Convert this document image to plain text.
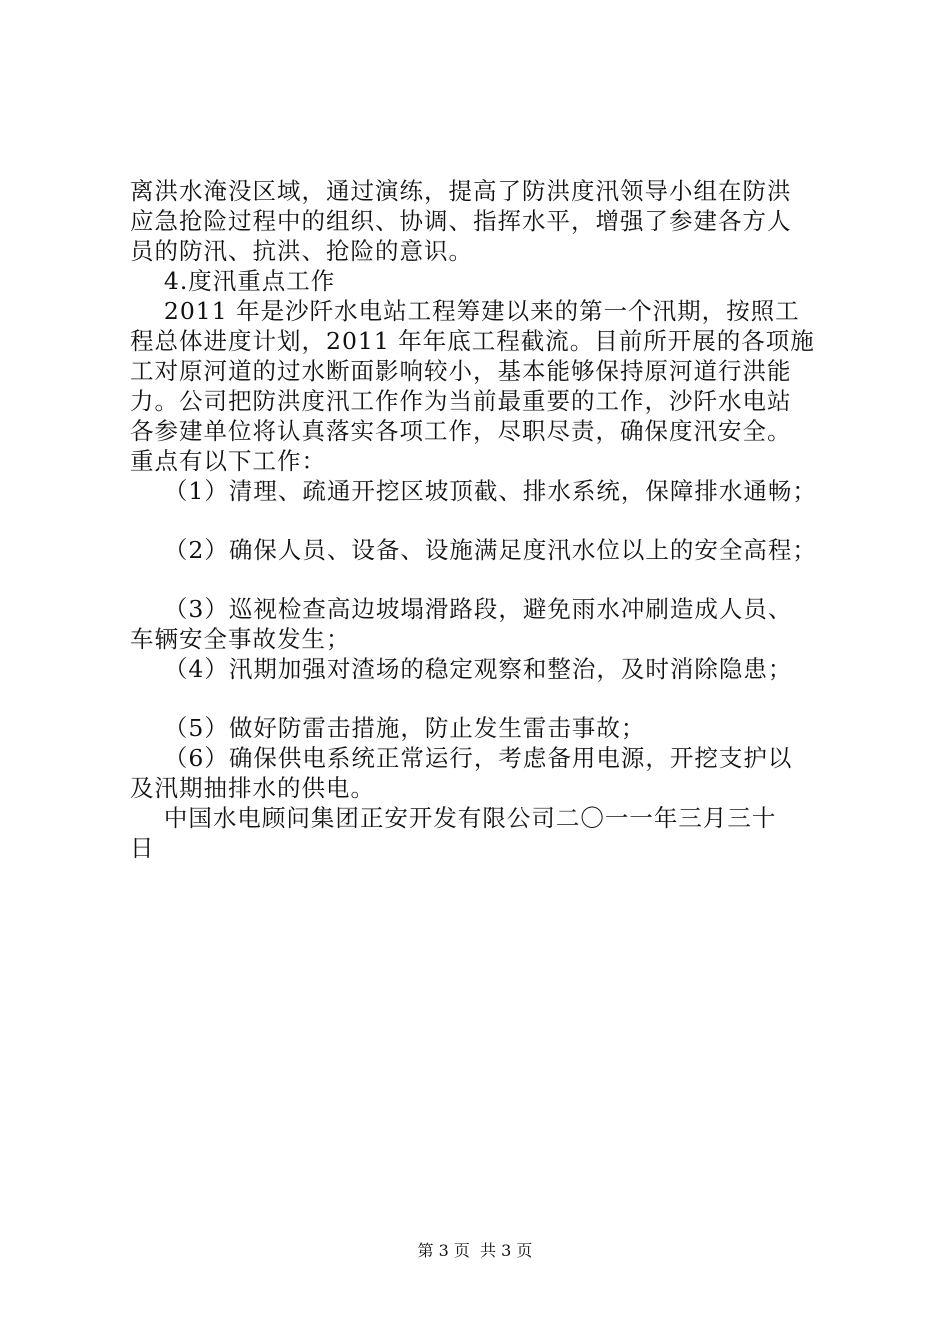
离洪水淹没区域，通过演练，提高了防洪度汛领导小组在防洪
应急抢险过程中的组织、协调、指挥水平，增强了参建各方人
员的防汛、抗洪、抢险的意识。
4.度汛重点工作
2011 年是沙阡水电站工程筹建以来的第一个汛期，按照工
程总体进度计划，2011 年年底工程截流。目前所开展的各项施
工对原河道的过水断面影响较小，基本能够保持原河道行洪能
力。公司把防洪度汛工作作为当前最重要的工作，沙阡水电站
各参建单位将认真落实各项工作，尽职尽责，确保度汛安全。
重点有以下工作：
（1）清理、疏通开挖区坡顶截、排水系统，保障排水通畅；
（2）确保人员、设备、设施满足度汛水位以上的安全高程；
（3）巡视检查高边坡塌滑路段，避免雨水冲刷造成人员、
车辆安全事故发生；
（4）汛期加强对渣场的稳定观察和整治，及时消除隐患；
（5）做好防雷击措施，防止发生雷击事故；
（6）确保供电系统正常运行，考虑备用电源，开挖支护以
及汛期抽排水的供电。
中国水电顾问集团正安开发有限公司二〇一一年三月三十
日
第 3 页  共 3 页
